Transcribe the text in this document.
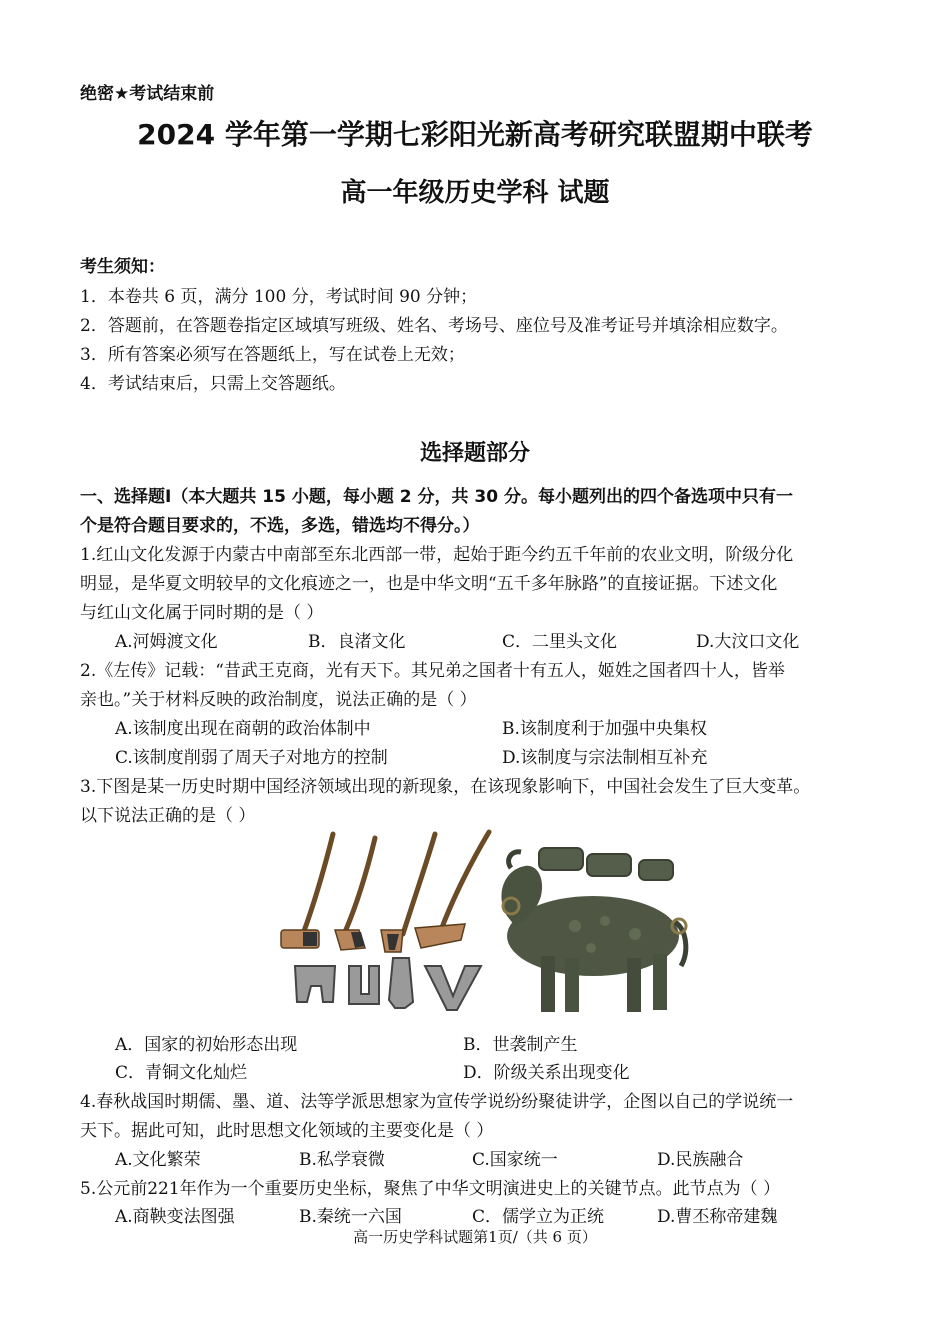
绝密★考试结束前
2024 学年第一学期七彩阳光新高考研究联盟期中联考
高一年级历史学科 试题
考生须知：
1．本卷共 6 页，满分 100 分，考试时间 90 分钟；
2．答题前，在答题卷指定区域填写班级、姓名、考场号、座位号及准考证号并填涂相应数字。
3．所有答案必须写在答题纸上，写在试卷上无效；
4．考试结束后，只需上交答题纸。
选择题部分
一、选择题Ⅰ（本大题共 15 小题，每小题 2 分，共 30 分。每小题列出的四个备选项中只有一
个是符合题目要求的，不选，多选，错选均不得分。）
1.红山文化发源于内蒙古中南部至东北西部一带，起始于距今约五千年前的农业文明，阶级分化
明显，是华夏文明较早的文化痕迹之一，也是中华文明“五千多年脉路”的直接证据。下述文化
与红山文化属于同时期的是（ ）
A.河姆渡文化	B．良渚文化	C．二里头文化	D.大汶口文化
2.《左传》记载：“昔武王克商，光有天下。其兄弟之国者十有五人，姬姓之国者四十人，皆举
亲也。”关于材料反映的政治制度，说法正确的是（ ）
A.该制度出现在商朝的政治体制中	B.该制度利于加强中央集权
C.该制度削弱了周天子对地方的控制	D.该制度与宗法制相互补充
3.下图是某一历史时期中国经济领域出现的新现象，在该现象影响下，中国社会发生了巨大变革。
以下说法正确的是（ ）
A．国家的初始形态出现	B．世袭制产生
C．青铜文化灿烂	D．阶级关系出现变化
4.春秋战国时期儒、墨、道、法等学派思想家为宣传学说纷纷聚徒讲学，企图以自己的学说统一
天下。据此可知，此时思想文化领域的主要变化是（ ）
A.文化繁荣	B.私学衰微	C.国家统一	D.民族融合
5.公元前221年作为一个重要历史坐标，聚焦了中华文明演进史上的关键节点。此节点为（ ）
A.商鞅变法图强	B.秦统一六国	C．儒学立为正统	D.曹丕称帝建魏
高一历史学科试题第1页/（共 6 页）
